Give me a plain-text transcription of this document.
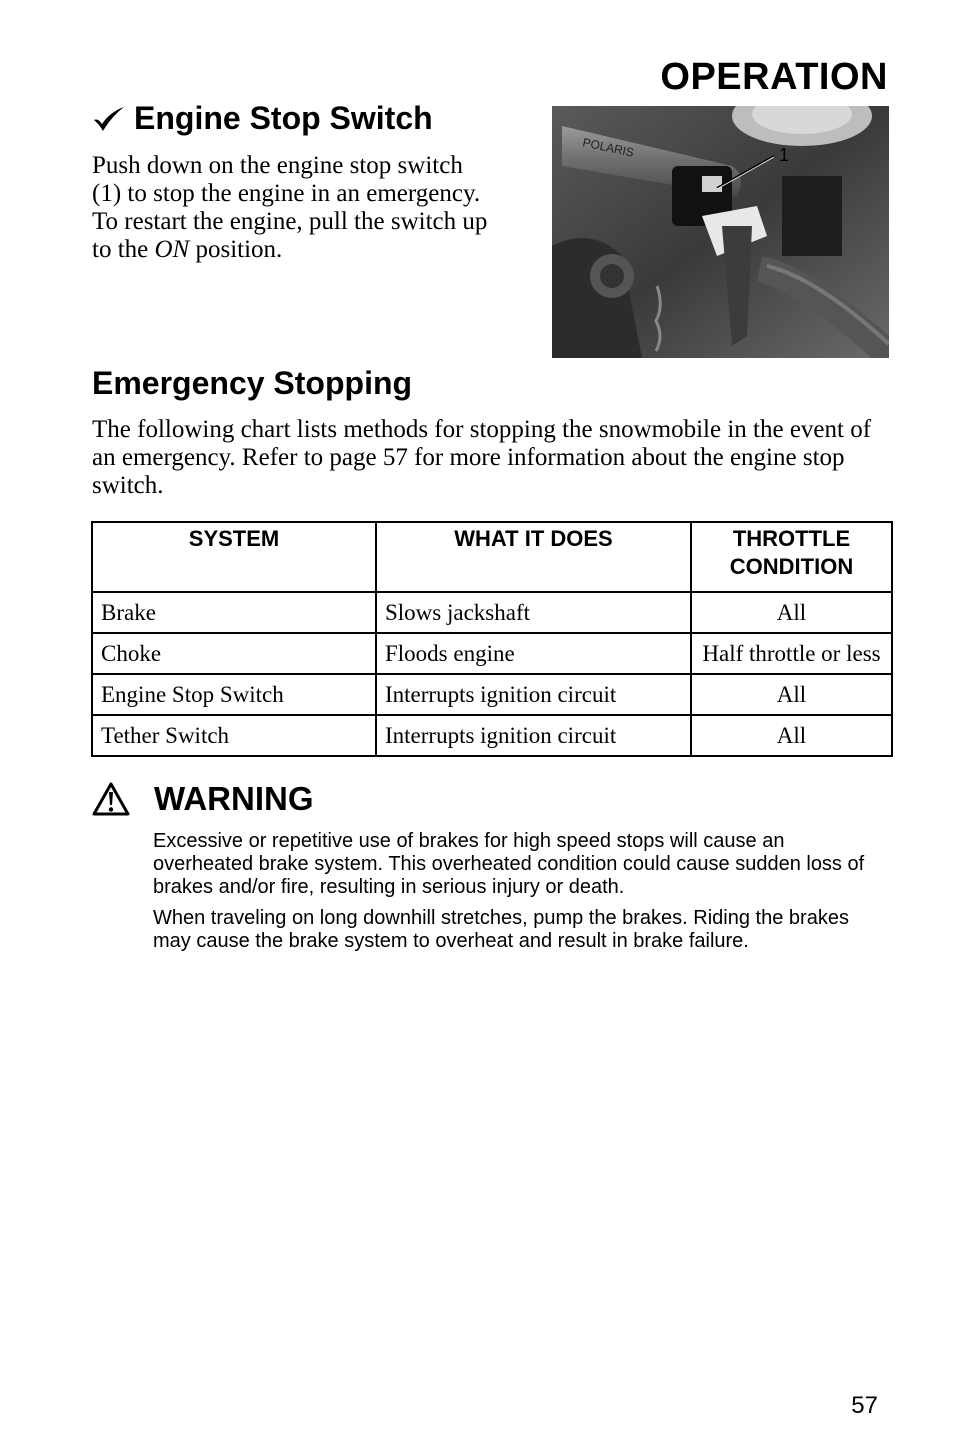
OPERATION
Engine Stop Switch

Push down on the engine stop switch (1) to stop the engine in an emergency. To restart the engine, pull the switch up to the ON position.

POLARIS	1
Emergency Stopping

The following chart lists methods for stopping the snowmobile in the event of an emergency. Refer to page 57 for more information about the engine stop switch.

SYSTEM	WHAT IT DOES	THROTTLE CONDITION
Brake	Slows jackshaft	All
Choke	Floods engine	Half throttle or less
Engine Stop Switch	Interrupts ignition circuit	All
Tether Switch	Interrupts ignition circuit	All
WARNING

Excessive or repetitive use of brakes for high speed stops will cause an overheated brake system. This overheated condition could cause sudden loss of brakes and/or fire, resulting in serious injury or death.

When traveling on long downhill stretches, pump the brakes. Riding the brakes may cause the brake system to overheat and result in brake failure.

57
